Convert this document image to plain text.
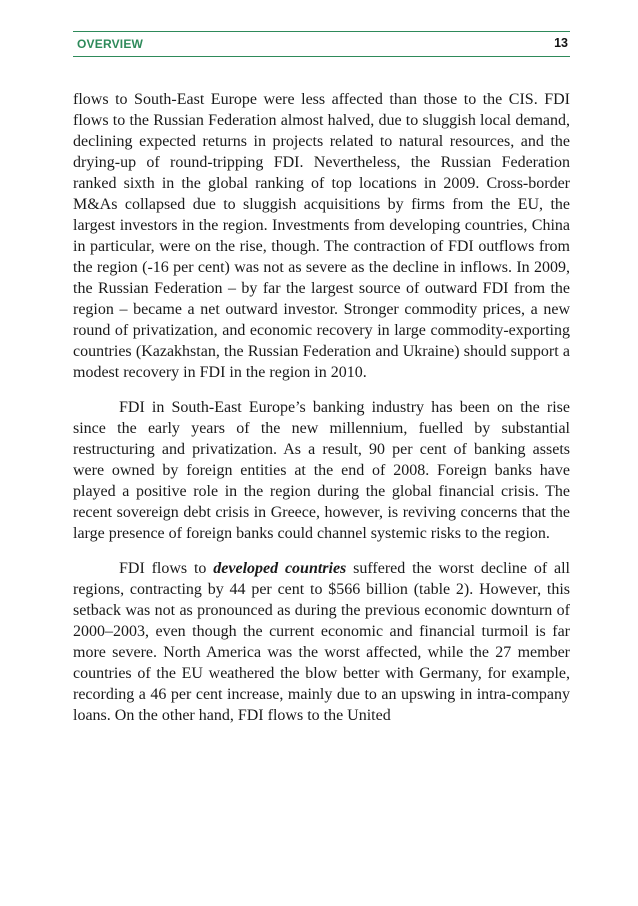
OVERVIEW	13

flows to South-East Europe were less affected than those to the CIS. FDI flows to the Russian Federation almost halved, due to sluggish local demand, declining expected returns in projects related to natural resources, and the drying-up of round-tripping FDI. Nevertheless, the Russian Federation ranked sixth in the global ranking of top locations in 2009. Cross-border M&As collapsed due to sluggish acquisitions by firms from the EU, the largest investors in the region. Investments from developing countries, China in particular, were on the rise, though. The contraction of FDI outflows from the region (-16 per cent) was not as severe as the decline in inflows. In 2009, the Russian Federation – by far the largest source of outward FDI from the region – became a net outward investor. Stronger commodity prices, a new round of privatization, and economic recovery in large commodity-exporting countries (Kazakhstan, the Russian Federation and Ukraine) should support a modest recovery in FDI in the region in 2010.

FDI in South-East Europe’s banking industry has been on the rise since the early years of the new millennium, fuelled by substantial restructuring and privatization. As a result, 90 per cent of banking assets were owned by foreign entities at the end of 2008. Foreign banks have played a positive role in the region during the global financial crisis. The recent sovereign debt crisis in Greece, however, is reviving concerns that the large presence of foreign banks could channel systemic risks to the region.

FDI flows to developed countries suffered the worst decline of all regions, contracting by 44 per cent to $566 billion (table 2). However, this setback was not as pronounced as during the previous economic downturn of 2000–2003, even though the current economic and financial turmoil is far more severe. North America was the worst affected, while the 27 member countries of the EU weathered the blow better with Germany, for example, recording a 46 per cent increase, mainly due to an upswing in intra-company loans. On the other hand, FDI flows to the United
